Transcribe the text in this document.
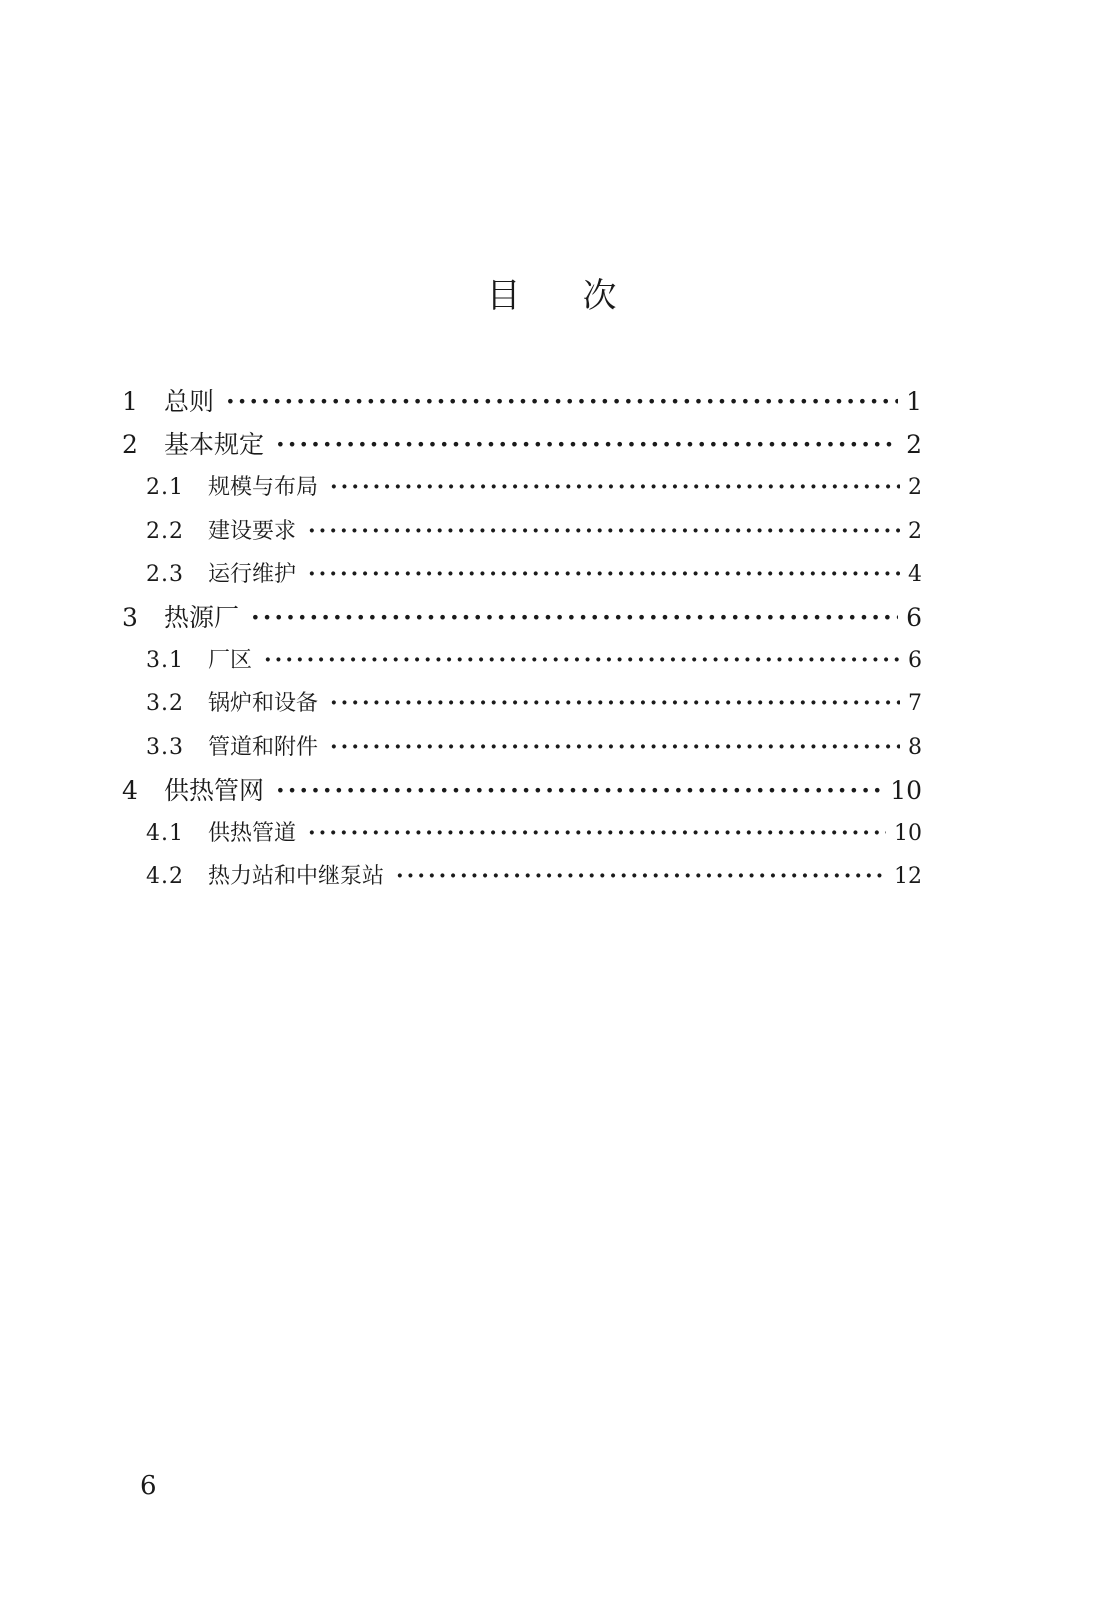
目 次
1	总则 ·····	1
2	基本规定 ·····	2
2.1	规模与布局 ·····	2
2.2	建设要求 ·····	2
2.3	运行维护 ·····	4
3	热源厂 ·····	6
3.1	厂区 ·····	6
3.2	锅炉和设备 ·····	7
3.3	管道和附件 ·····	8
4	供热管网 ·····	10
4.1	供热管道 ·····	10
4.2	热力站和中继泵站 ·····	12
6
